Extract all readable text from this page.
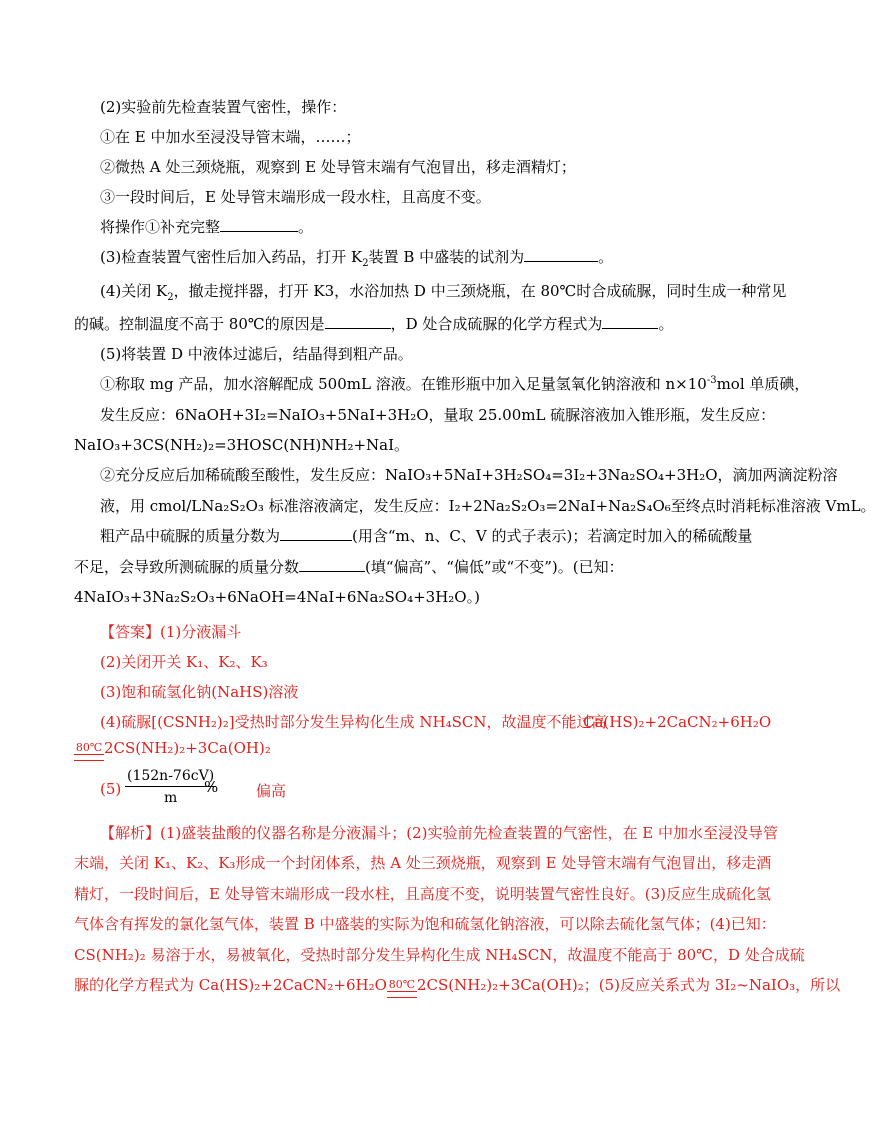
(2)实验前先检查装置气密性，操作：
①在 E 中加水至浸没导管末端，……；
②微热 A 处三颈烧瓶，观察到 E 处导管末端有气泡冒出，移走酒精灯；
③一段时间后，E 处导管末端形成一段水柱，且高度不变。
将操作①补充完整	。
(3)检查装置气密性后加入药品，打开 $K_2$装置 B 中盛装的试剂为	。
(4)关闭 $K_2$，撤走搅拌器，打开 K3，水浴加热 D 中三颈烧瓶，在 80℃时合成硫脲，同时生成一种常见
的碱。控制温度不高于 80℃的原因是	，D 处合成硫脲的化学方程式为	。
(5)将装置 D 中液体过滤后，结晶得到粗产品。
①称取 mg 产品，加水溶解配成 500mL 溶液。在锥形瓶中加入足量氢氧化钠溶液和 $n\times 10^{-3}mol$ 单质碘，
发生反应：6NaOH+3I₂=NaIO₃+5NaI+3H₂O，量取 25.00mL 硫脲溶液加入锥形瓶，发生反应：
NaIO₃+3CS(NH₂)₂=3HOSC(NH)NH₂+NaI。
②充分反应后加稀硫酸至酸性，发生反应：NaIO₃+5NaI+3H₂SO₄=3I₂+3Na₂SO₄+3H₂O，滴加两滴淀粉溶
液，用 cmol/LNa₂S₂O₃ 标准溶液滴定，发生反应：I₂+2Na₂S₂O₃=2NaI+Na₂S₄O₆至终点时消耗标准溶液 VmL。
粗产品中硫脲的质量分数为	(用含“m、n、C、V 的式子表示)；若滴定时加入的稀硫酸量
不足，会导致所测硫脲的质量分数	(填“偏高”、“偏低”或“不变”)。(已知：
4NaIO₃+3Na₂S₂O₃+6NaOH=4NaI+6Na₂SO₄+3H₂O。)
【答案】(1)分液漏斗
(2)关闭开关 K₁、K₂、K₃
(3)饱和硫氢化钠(NaHS)溶液
(4)硫脲[(CSNH₂)₂]受热时部分发生异构化生成 NH₄SCN，故温度不能过高
Ca(HS)₂+2CaCN₂+6H₂O
80℃ 2CS(NH₂)₂+3Ca(OH)₂
$(5) \frac{(152n-76cV)}{m}$
%	偏高
【解析】(1)盛装盐酸的仪器名称是分液漏斗；(2)实验前先检查装置的气密性，在 E 中加水至浸没导管
末端，关闭 K₁、K₂、K₃形成一个封闭体系，热 A 处三颈烧瓶，观察到 E 处导管末端有气泡冒出，移走酒
精灯，一段时间后，E 处导管末端形成一段水柱，且高度不变，说明装置气密性良好。(3)反应生成硫化氢
气体含有挥发的氯化氢气体，装置 B 中盛装的实际为饱和硫氢化钠溶液，可以除去硫化氢气体；(4)已知：
CS(NH₂)₂ 易溶于水，易被氧化，受热时部分发生异构化生成 NH₄SCN，故温度不能高于 80℃，D 处合成硫
脲的化学方程式为 Ca(HS)₂+2CaCN₂+6H₂O 80℃ 2CS(NH₂)₂+3Ca(OH)₂；(5)反应关系式为 3I₂~NaIO₃，所以
